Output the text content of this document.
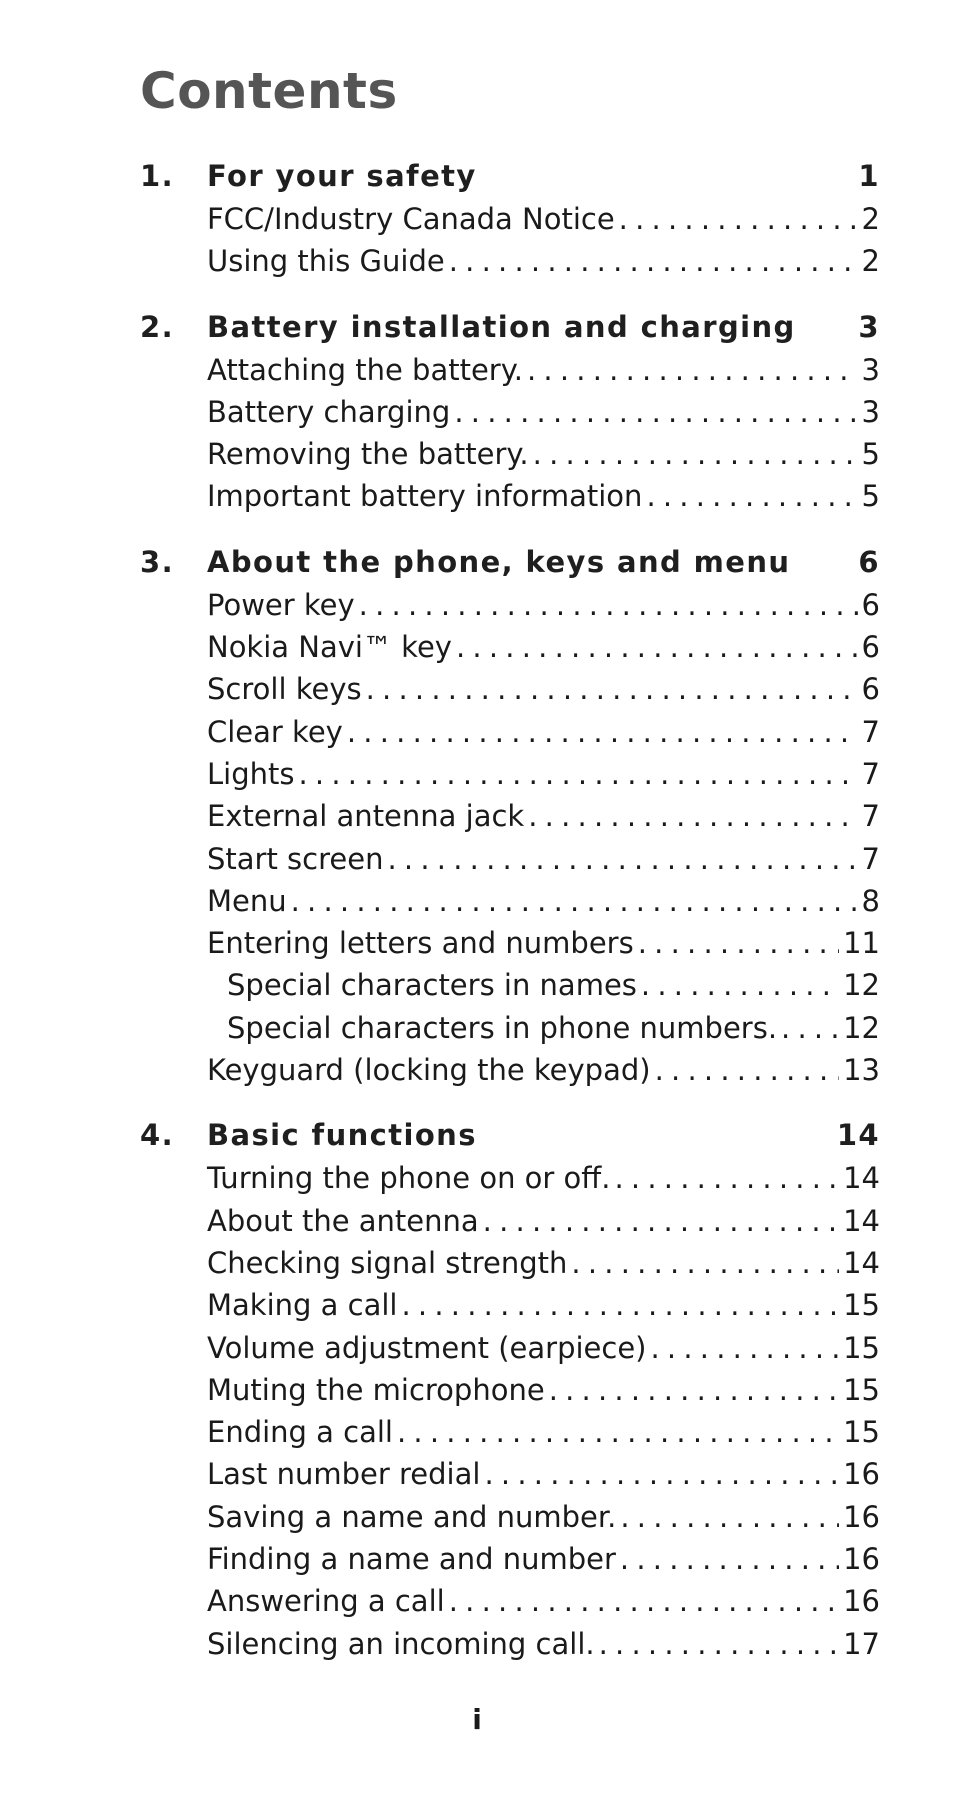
Contents
1.	For your safety	1
FCC/Industry Canada Notice . . .	2
Using this Guide . . .	2
2.	Battery installation and charging	3
Attaching the battery. . . .	3
Battery charging . . .	3
Removing the battery. . . .	5
Important battery information . . .	5
3.	About the phone, keys and menu	6
Power key . . .	6
Nokia Navi™ key . . .	6
Scroll keys . . .	6
Clear key . . .	7
Lights . . .	7
External antenna jack . . .	7
Start screen . . .	7
Menu . . .	8
Entering letters and numbers . . .	11
Special characters in names . . .	12
Special characters in phone numbers. . . . 12
Keyguard (locking the keypad) . . .	13
4.	Basic functions	14
Turning the phone on or off. . . .	14
About the antenna . . .	14
Checking signal strength . . .	14
Making a call . . .	15
Volume adjustment (earpiece) . . .	15
Muting the microphone . . .	15
Ending a call . . .	15
Last number redial . . .	16
Saving a name and number. . . .	16
Finding a name and number . . .	16
Answering a call . . .	16
Silencing an incoming call. . . .	17
i
